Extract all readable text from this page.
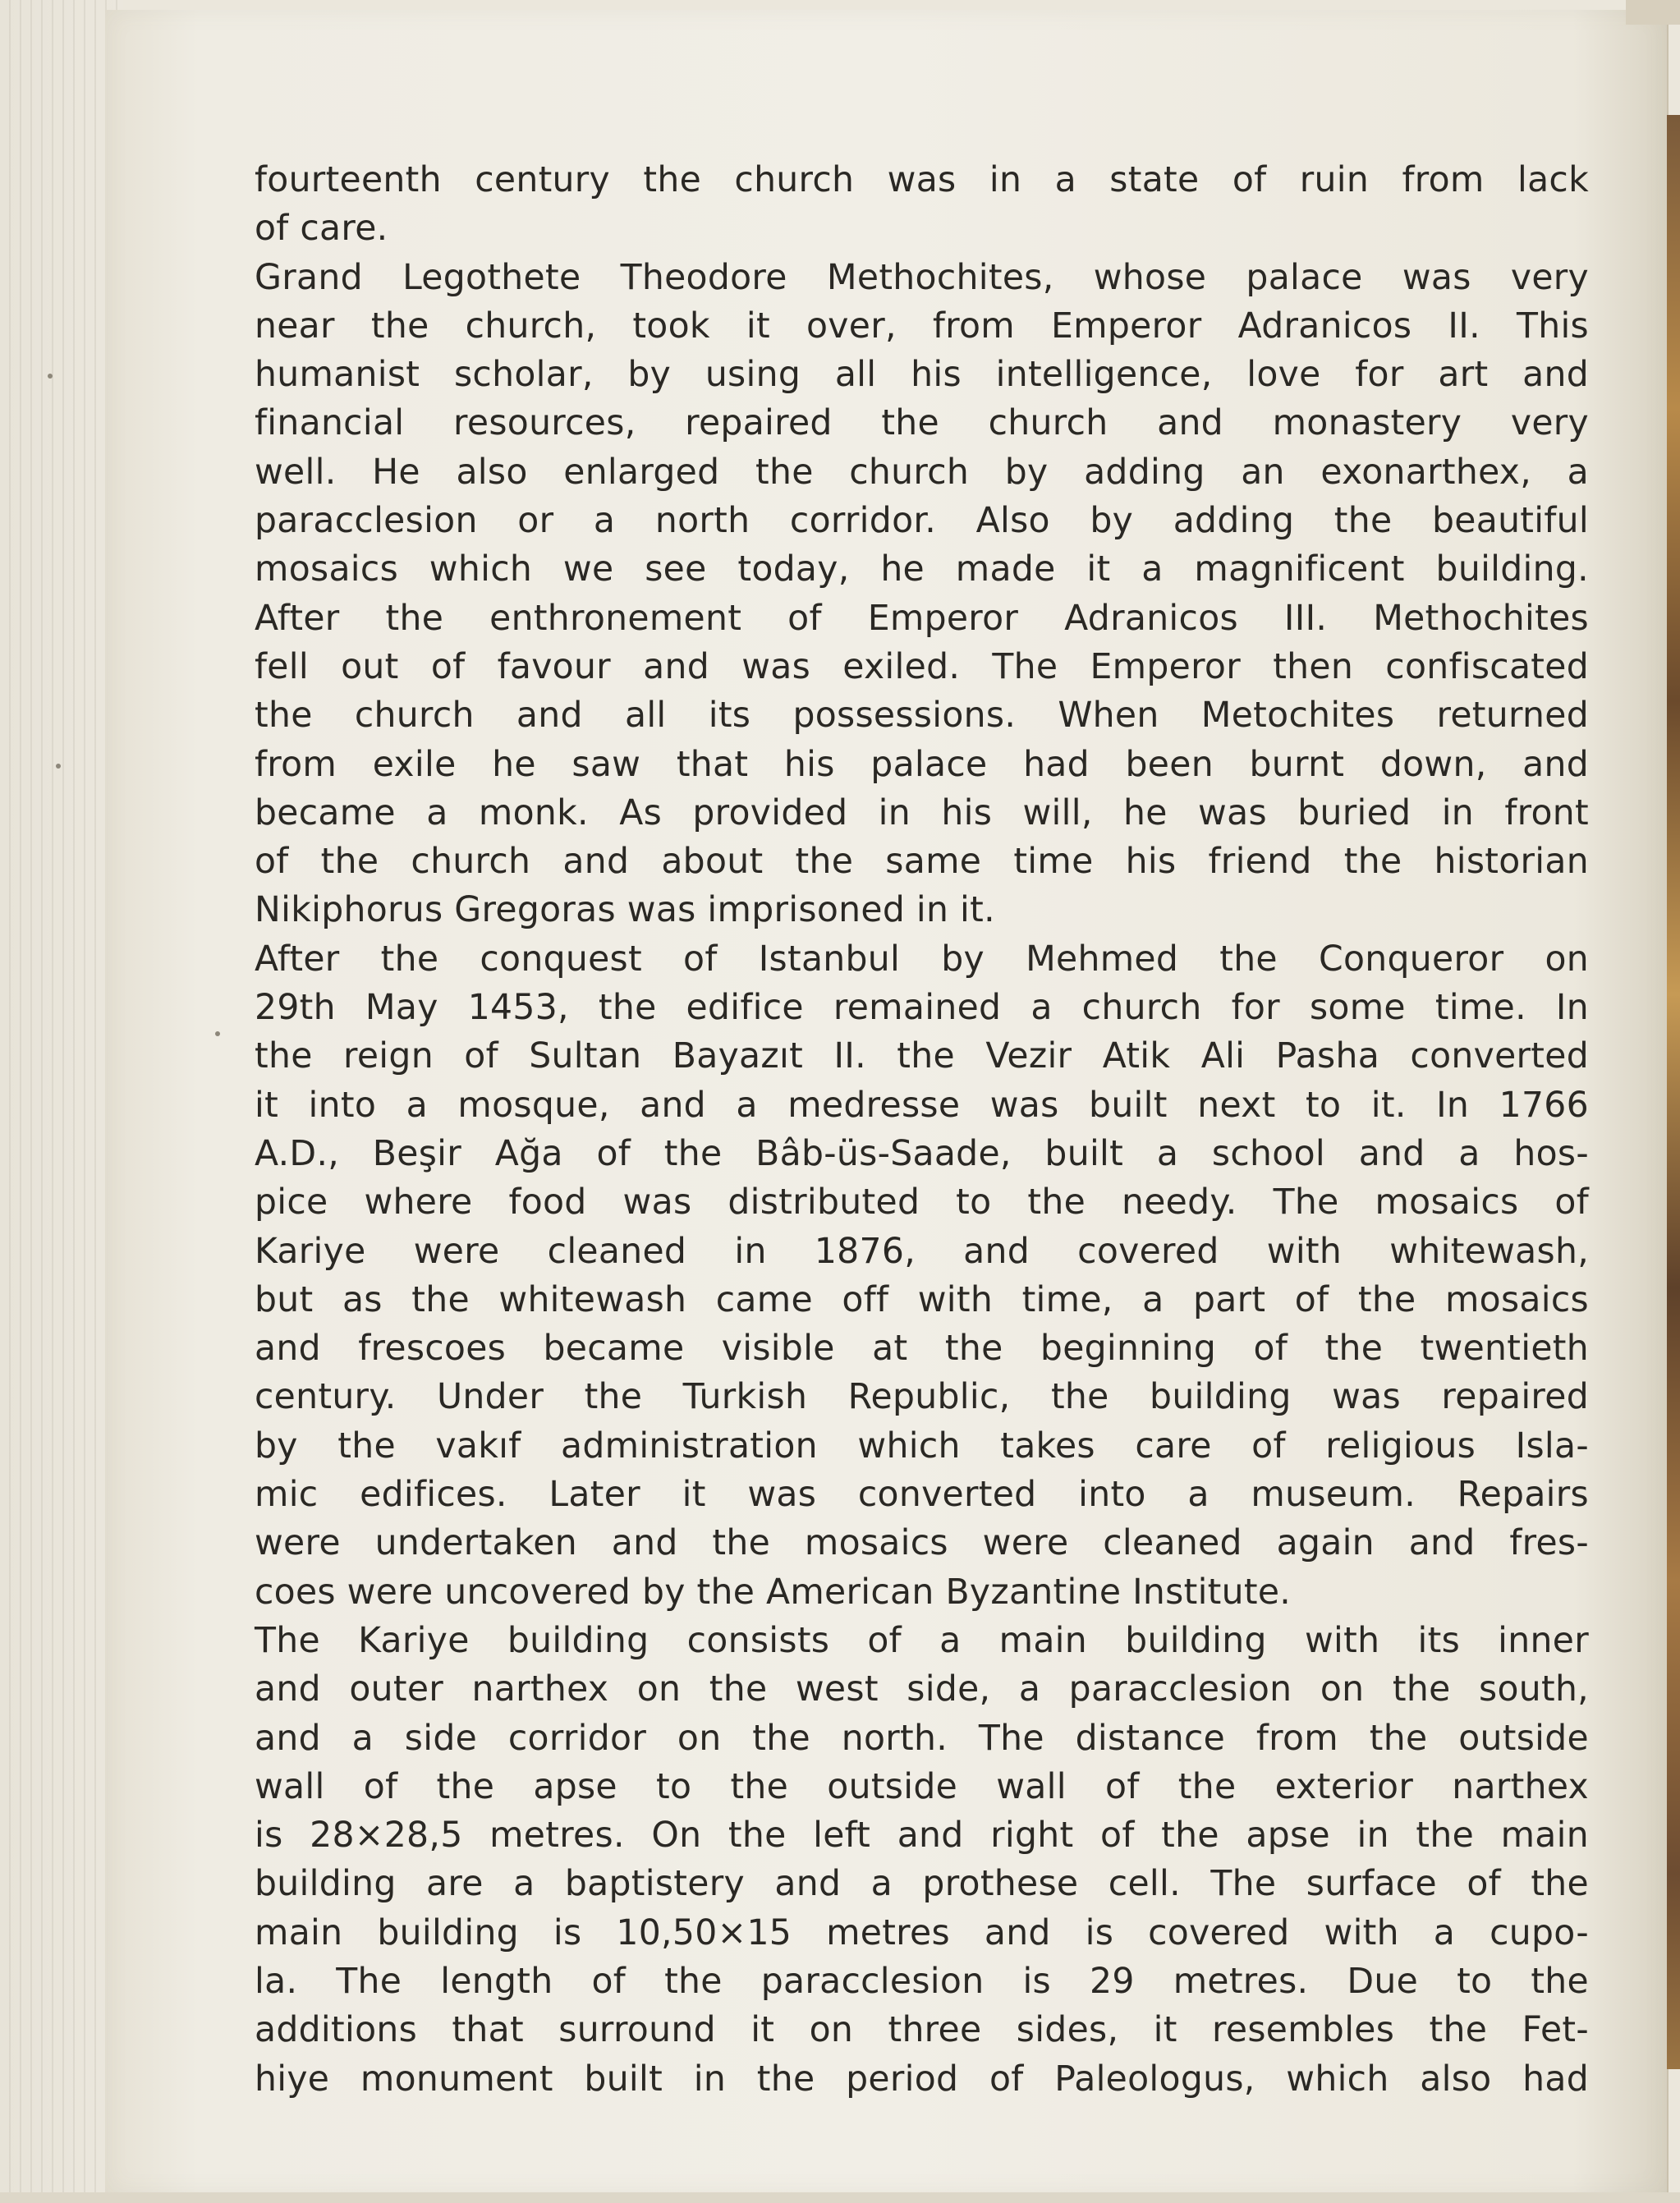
fourteenth century the church was in a state of ruin from lack
of care.
Grand Legothete Theodore Methochites, whose palace was very
near the church, took it over, from Emperor Adranicos II. This
humanist scholar, by using all his intelligence, love for art and
financial resources, repaired the church and monastery very
well. He also enlarged the church by adding an exonarthex, a
paracclesion or a north corridor. Also by adding the beautiful
mosaics which we see today, he made it a magnificent building.
After the enthronement of Emperor Adranicos III. Methochites
fell out of favour and was exiled. The Emperor then confiscated
the church and all its possessions. When Metochites returned
from exile he saw that his palace had been burnt down, and
became a monk. As provided in his will, he was buried in front
of the church and about the same time his friend the historian
Nikiphorus Gregoras was imprisoned in it.
After the conquest of Istanbul by Mehmed the Conqueror on
29th May 1453, the edifice remained a church for some time. In
the reign of Sultan Bayazıt II. the Vezir Atik Ali Pasha converted
it into a mosque, and a medresse was built next to it. In 1766
A.D., Beşir Ağa of the Bâb-üs-Saade, built a school and a hos-
pice where food was distributed to the needy. The mosaics of
Kariye were cleaned in 1876, and covered with whitewash,
but as the whitewash came off with time, a part of the mosaics
and frescoes became visible at the beginning of the twentieth
century. Under the Turkish Republic, the building was repaired
by the vakıf administration which takes care of religious Isla-
mic edifices. Later it was converted into a museum. Repairs
were undertaken and the mosaics were cleaned again and fres-
coes were uncovered by the American Byzantine Institute.
The Kariye building consists of a main building with its inner
and outer narthex on the west side, a paracclesion on the south,
and a side corridor on the north. The distance from the outside
wall of the apse to the outside wall of the exterior narthex
is 28×28,5 metres. On the left and right of the apse in the main
building are a baptistery and a prothese cell. The surface of the
main building is 10,50×15 metres and is covered with a cupo-
la. The length of the paracclesion is 29 metres. Due to the
additions that surround it on three sides, it resembles the Fet-
hiye monument built in the period of Paleologus, which also had
